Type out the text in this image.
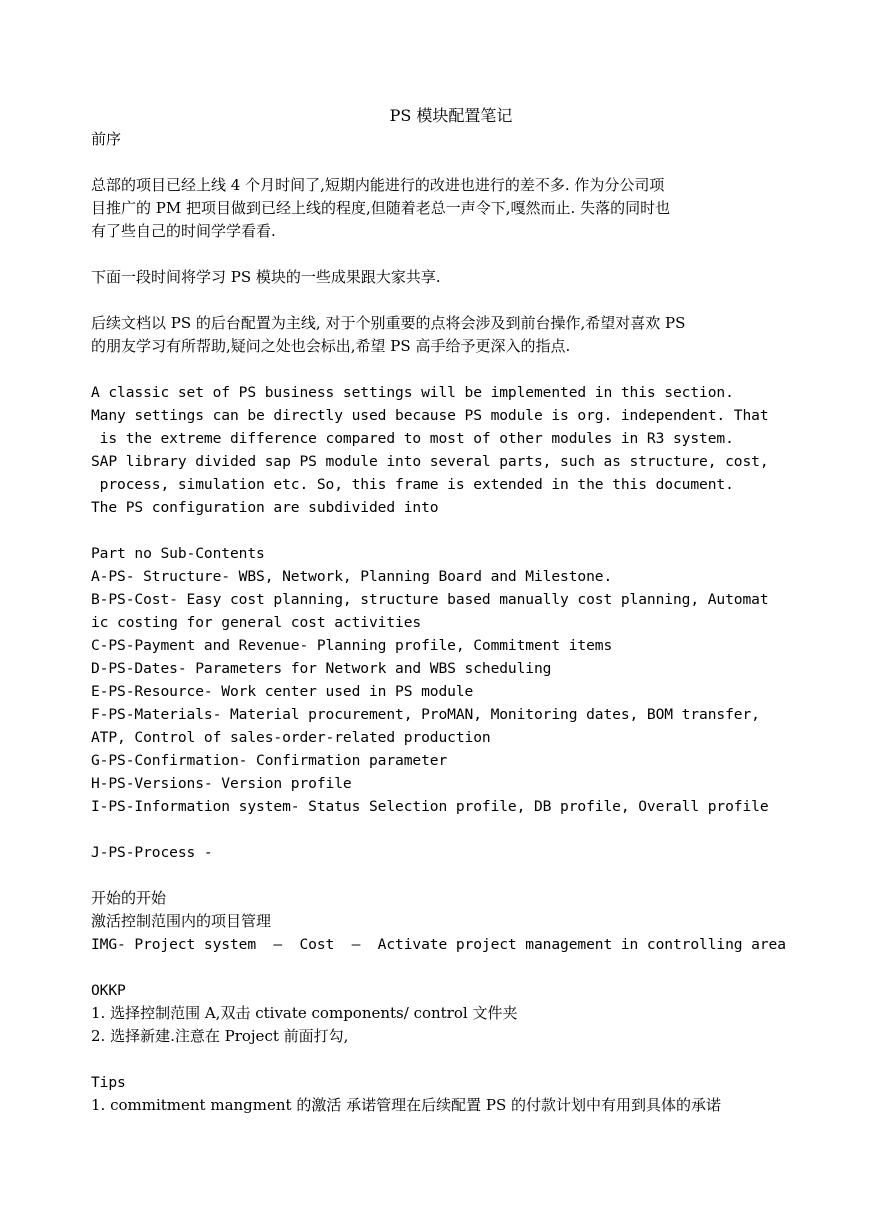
PS 模块配置笔记

前序

总部的项目已经上线 4 个月时间了,短期内能进行的改进也进行的差不多. 作为分公司项

目推广的 PM 把项目做到已经上线的程度,但随着老总一声令下,嘎然而止. 失落的同时也

有了些自己的时间学学看看.

下面一段时间将学习 PS 模块的一些成果跟大家共享.

后续文档以 PS 的后台配置为主线, 对于个别重要的点将会涉及到前台操作,希望对喜欢 PS

的朋友学习有所帮助,疑问之处也会标出,希望 PS 高手给予更深入的指点.

A classic set of PS business settings will be implemented in this section.

Many settings can be directly used because PS module is org. independent. That

is the extreme difference compared to most of other modules in R3 system.

SAP library divided sap PS module into several parts, such as structure, cost,

process, simulation etc. So, this frame is extended in the this document.

The PS configuration are subdivided into

Part no Sub-Contents

A-PS- Structure- WBS, Network, Planning Board and Milestone.

B-PS-Cost- Easy cost planning, structure based manually cost planning, Automat

ic costing for general cost activities

C-PS-Payment and Revenue- Planning profile, Commitment items

D-PS-Dates- Parameters for Network and WBS scheduling

E-PS-Resource- Work center used in PS module

F-PS-Materials- Material procurement, ProMAN, Monitoring dates, BOM transfer,

ATP, Control of sales-order-related production

G-PS-Confirmation- Confirmation parameter

H-PS-Versions- Version profile

I-PS-Information system- Status Selection profile, DB profile, Overall profile

J-PS-Process -

开始的开始

激活控制范围内的项目管理

IMG- Project system  –  Cost  –  Activate project management in controlling area

OKKP

1. 选择控制范围 A,双击 ctivate components/ control 文件夹

2. 选择新建.注意在 Project 前面打勾,

Tips

1. commitment mangment 的激活 承诺管理在后续配置 PS 的付款计划中有用到具体的承诺
